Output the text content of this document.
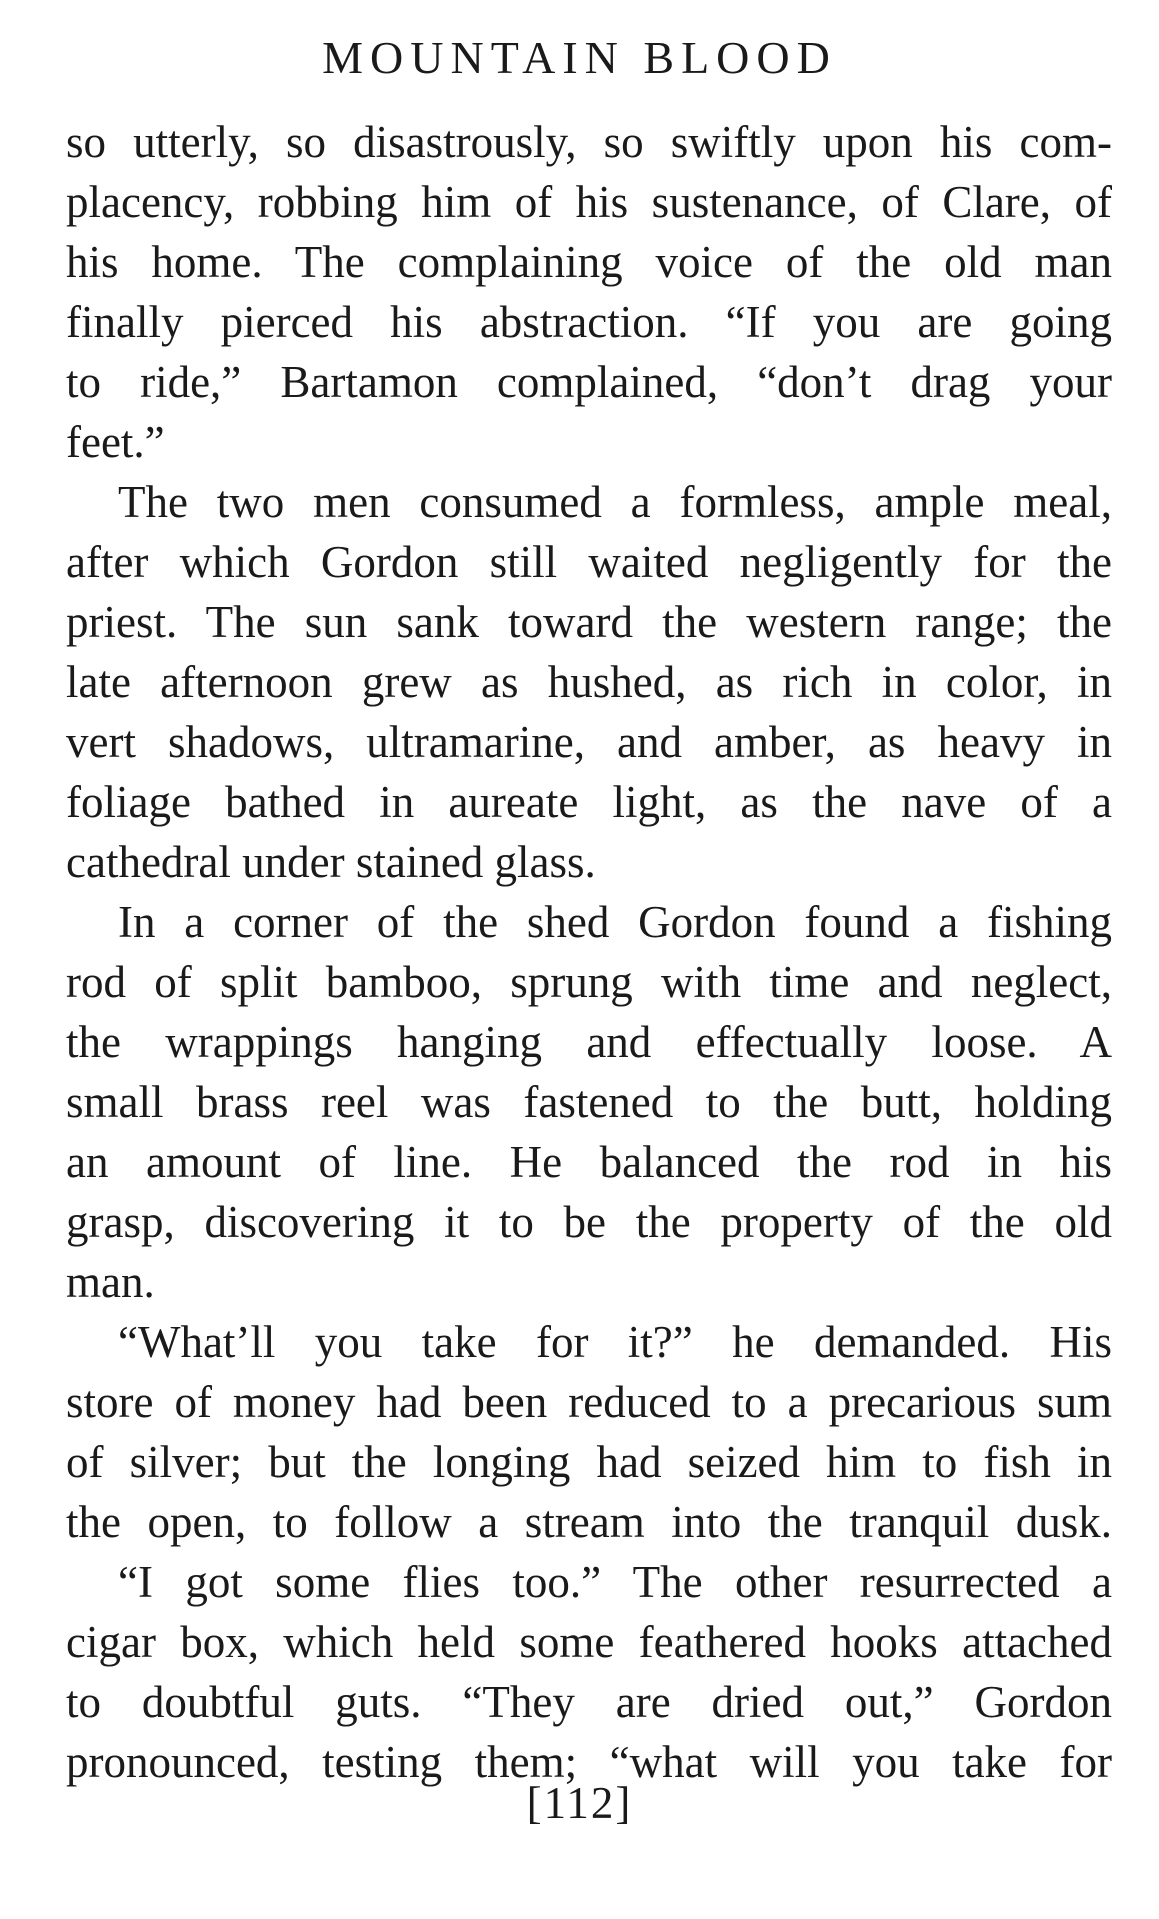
MOUNTAIN BLOOD
so utterly, so disastrously, so swiftly upon his com-
placency, robbing him of his sustenance, of Clare, of
his home. The complaining voice of the old man
finally pierced his abstraction. “If you are going
to ride,” Bartamon complained, “don’t drag your
feet.”
The two men consumed a formless, ample meal,
after which Gordon still waited negligently for the
priest. The sun sank toward the western range; the
late afternoon grew as hushed, as rich in color, in
vert shadows, ultramarine, and amber, as heavy in
foliage bathed in aureate light, as the nave of a
cathedral under stained glass.
In a corner of the shed Gordon found a fishing
rod of split bamboo, sprung with time and neglect,
the wrappings hanging and effectually loose. A
small brass reel was fastened to the butt, holding
an amount of line. He balanced the rod in his
grasp, discovering it to be the property of the old
man.
“What’ll you take for it?” he demanded. His
store of money had been reduced to a precarious sum
of silver; but the longing had seized him to fish in
the open, to follow a stream into the tranquil dusk.
“I got some flies too.” The other resurrected a
cigar box, which held some feathered hooks attached
to doubtful guts. “They are dried out,” Gordon
pronounced, testing them; “what will you take for
[112]
